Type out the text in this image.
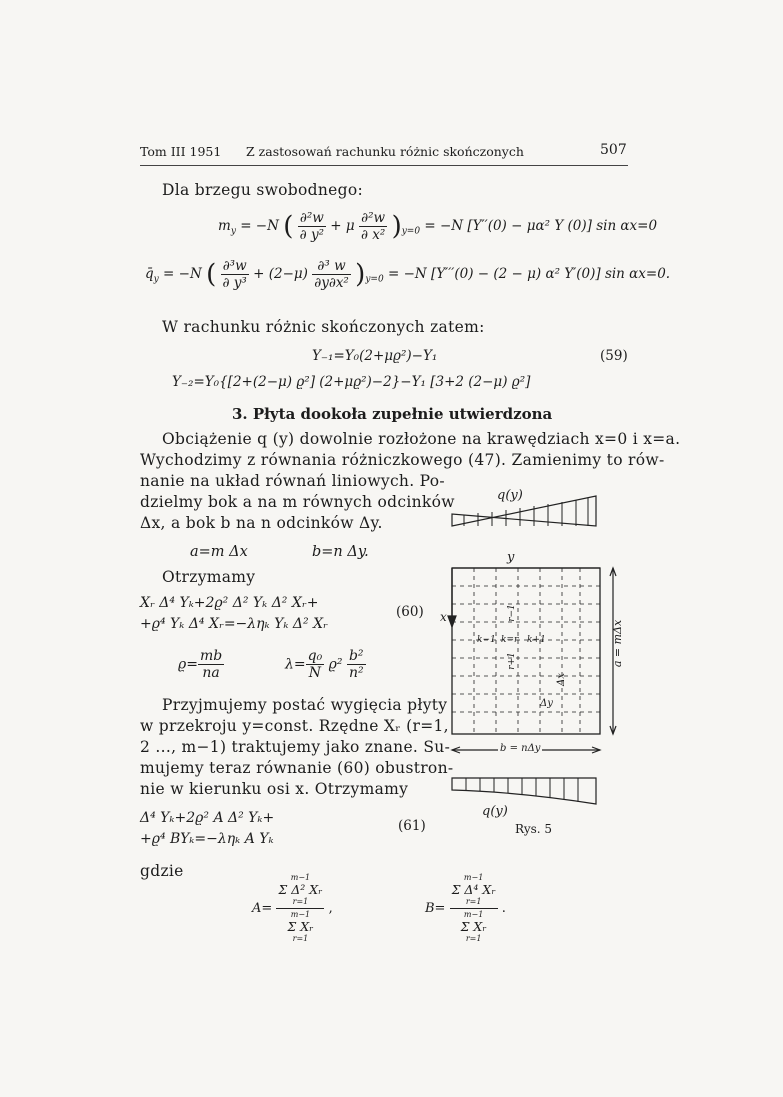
Tom III 1951 Z zastosowań rachunku różnic skończonych	507
Dla brzegu swobodnego:
$m_y = -N$ ( $\frac{\text{∂²w}}{\text{∂ y²}} + \mu \frac{\text{∂²w}}{\text{∂ x²}} )_{y=0} = -N$ [Y′′(0) − μα² Y (0)] sin αx=0
$q̄_y = -N$ ( $\frac{\text{∂³w}}{\text{∂ y³}} + (2-\mu) \frac{\text{∂³ w}}{\text{∂y∂x²}} )_{y=0} = -N$ [Y′′′(0) − (2 − μ) α² Y′(0)] sin αx=0.
W rachunku różnic skończonych zatem:
Y₋₁=Y₀(2+μϱ²)−Y₁	(59)
Y₋₂=Y₀{[2+(2−μ) ϱ²] (2+μϱ²)−2}−Y₁ [3+2 (2−μ) ϱ²]
3. Płyta dookoła zupełnie utwierdzona
Obciążenie q (y) dowolnie rozłożone na krawędziach x=0 i x=a.
Wychodzimy z równania różniczkowego (47). Zamienimy to rów-
nanie na układ równań liniowych. Po-
dzielmy bok a na m równych odcinków
Δx, a bok b na n odcinków Δy.
a=m Δx	b=n Δy.
Otrzymamy
Xᵣ Δ⁴ Yₖ+2ϱ² Δ² Yₖ Δ² Xᵣ+
+ϱ⁴ Yₖ Δ⁴ Xᵣ=−ληₖ Yₖ Δ² Xᵣ
(60)
$ϱ= \frac{mb}{na}$	$\lambda= \frac{\text{q₀}}{N} ϱ^2 \frac{\text{b²}}{\text{n²}}$
Przyjmujemy postać wygięcia płyty
w przekroju y=const. Rzędne Xᵣ (r=1,
2 ..., m−1) traktujemy jako znane. Su-
mujemy teraz równanie (60) obustron-
nie w kierunku osi x. Otrzymamy
Δ⁴ Yₖ+2ϱ² A Δ² Yₖ+
+ϱ⁴ BYₖ=−ληₖ A Yₖ
(61)
gdzie
A= m−1
Σ Δ² Xᵣ
r=1
m−1
Σ Xᵣ
r=1 ,	B= m−1
Σ Δ⁴ Xᵣ
r=1
m−1
Σ Xᵣ
r=1 .
q(y)
y
x
k−1 k=r k+1
r−1
r+1
Δy
Δx
a = mΔx
b = nΔy
q(y)
Rys. 5
